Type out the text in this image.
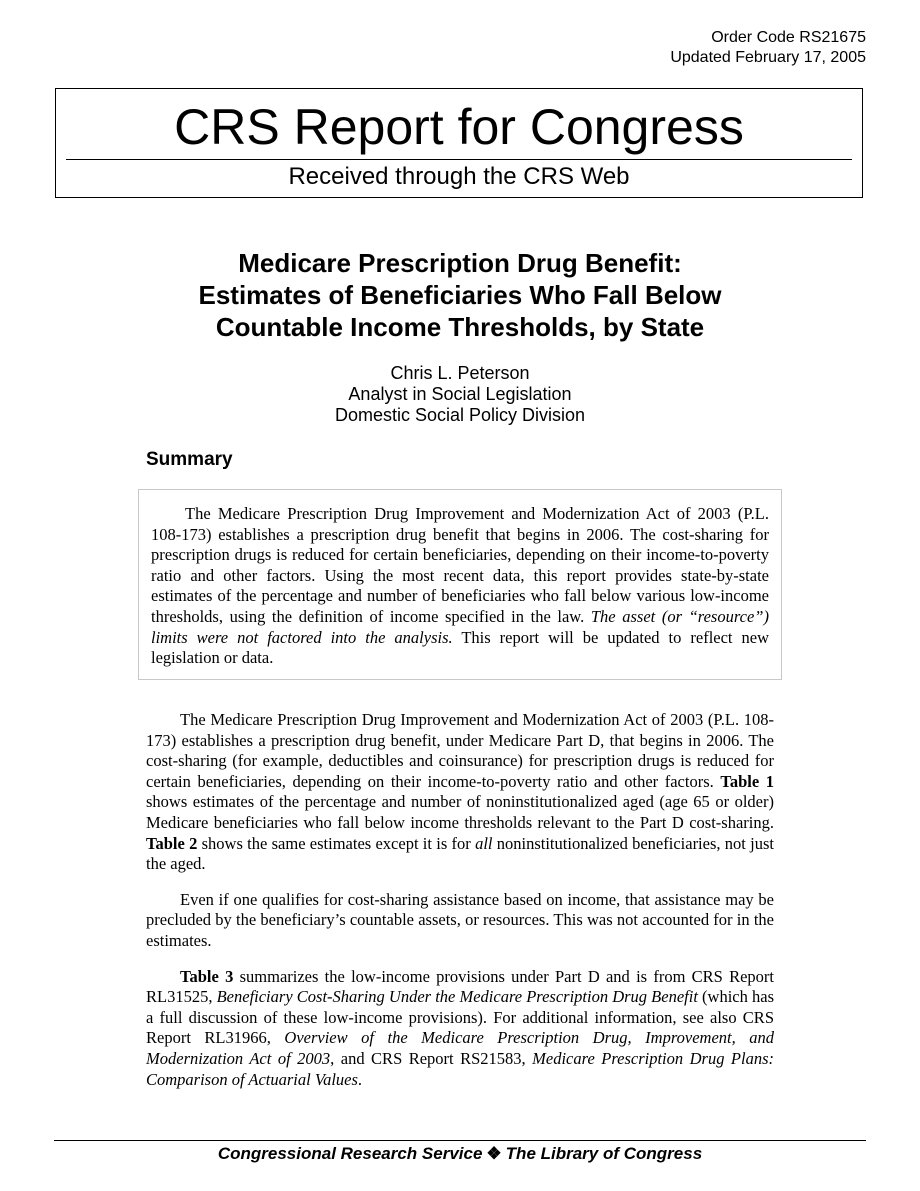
Order Code RS21675
Updated February 17, 2005
CRS Report for Congress
Received through the CRS Web
Medicare Prescription Drug Benefit:
Estimates of Beneficiaries Who Fall Below
Countable Income Thresholds, by State
Chris L. Peterson
Analyst in Social Legislation
Domestic Social Policy Division
Summary

The Medicare Prescription Drug Improvement and Modernization Act of 2003 (P.L. 108-173) establishes a prescription drug benefit that begins in 2006. The cost-sharing for prescription drugs is reduced for certain beneficiaries, depending on their income-to-poverty ratio and other factors. Using the most recent data, this report provides state-by-state estimates of the percentage and number of beneficiaries who fall below various low-income thresholds, using the definition of income specified in the law. The asset (or “resource”) limits were not factored into the analysis. This report will be updated to reflect new legislation or data.

The Medicare Prescription Drug Improvement and Modernization Act of 2003 (P.L. 108-173) establishes a prescription drug benefit, under Medicare Part D, that begins in 2006. The cost-sharing (for example, deductibles and coinsurance) for prescription drugs is reduced for certain beneficiaries, depending on their income-to-poverty ratio and other factors. Table 1 shows estimates of the percentage and number of noninstitutionalized aged (age 65 or older) Medicare beneficiaries who fall below income thresholds relevant to the Part D cost-sharing. Table 2 shows the same estimates except it is for all noninstitutionalized beneficiaries, not just the aged.

Even if one qualifies for cost-sharing assistance based on income, that assistance may be precluded by the beneficiary’s countable assets, or resources. This was not accounted for in the estimates.

Table 3 summarizes the low-income provisions under Part D and is from CRS Report RL31525, Beneficiary Cost-Sharing Under the Medicare Prescription Drug Benefit (which has a full discussion of these low-income provisions). For additional information, see also CRS Report RL31966, Overview of the Medicare Prescription Drug, Improvement, and Modernization Act of 2003, and CRS Report RS21583, Medicare Prescription Drug Plans: Comparison of Actuarial Values.

Congressional Research Service ❖ The Library of Congress
